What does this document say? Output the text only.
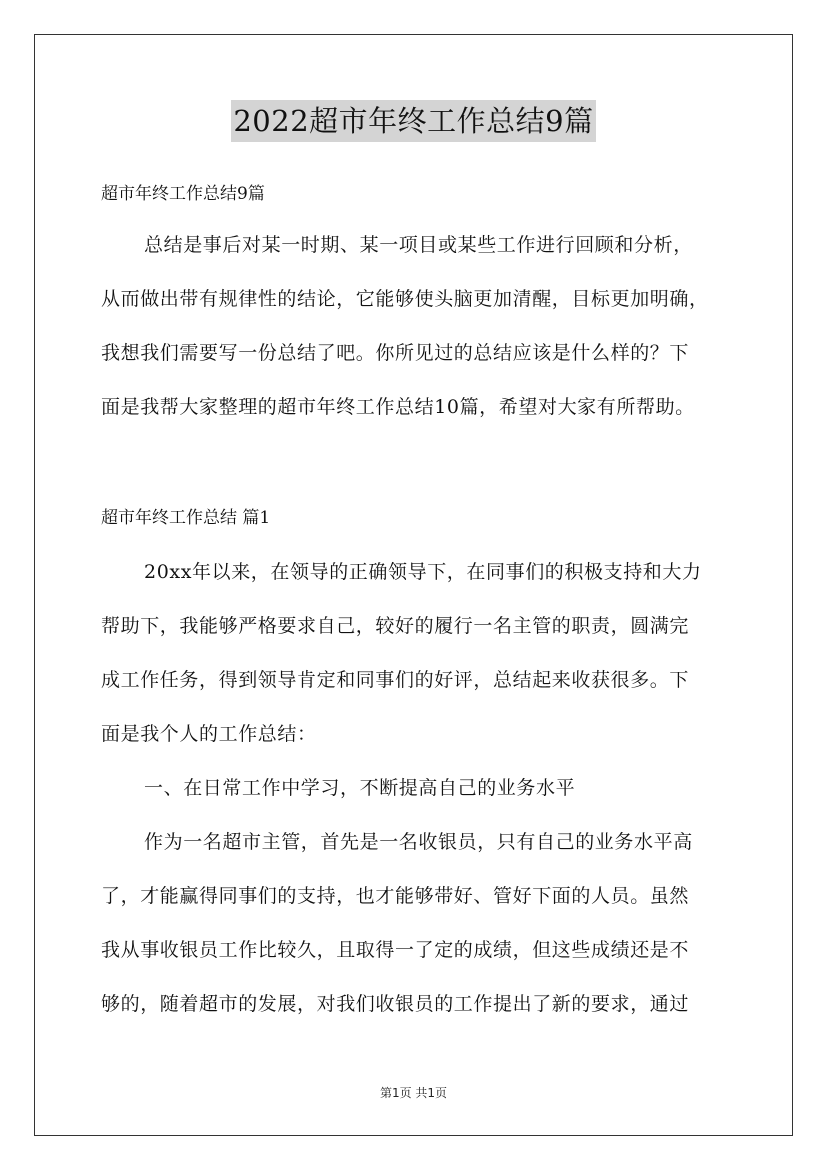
2022超市年终工作总结9篇

超市年终工作总结9篇

总结是事后对某一时期、某一项目或某些工作进行回顾和分析，
从而做出带有规律性的结论，它能够使头脑更加清醒，目标更加明确，
我想我们需要写一份总结了吧。你所见过的总结应该是什么样的？下
面是我帮大家整理的超市年终工作总结10篇，希望对大家有所帮助。

超市年终工作总结 篇1

20xx年以来，在领导的正确领导下，在同事们的积极支持和大力
帮助下，我能够严格要求自己，较好的履行一名主管的职责，圆满完
成工作任务，得到领导肯定和同事们的好评，总结起来收获很多。下
面是我个人的工作总结：
一、在日常工作中学习，不断提高自己的业务水平
作为一名超市主管，首先是一名收银员，只有自己的业务水平高
了，才能赢得同事们的支持，也才能够带好、管好下面的人员。虽然
我从事收银员工作比较久，且取得一了定的成绩，但这些成绩还是不
够的，随着超市的发展，对我们收银员的工作提出了新的要求，通过
第1页 共1页
